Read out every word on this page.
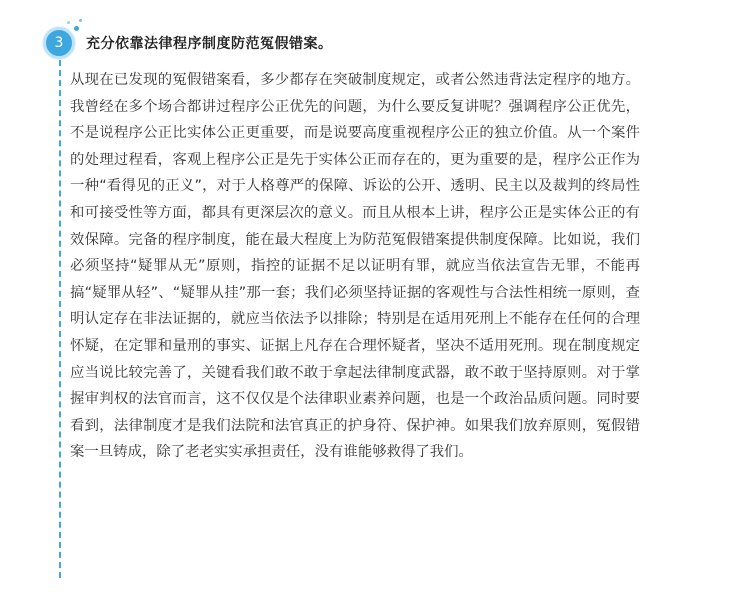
3	充分依靠法律程序制度防范冤假错案。

从现在已发现的冤假错案看，多少都存在突破制度规定，或者公然违背法定程序的地方。我曾经在多个场合都讲过程序公正优先的问题，为什么要反复讲呢？强调程序公正优先，不是说程序公正比实体公正更重要，而是说要高度重视程序公正的独立价值。从一个案件的处理过程看，客观上程序公正是先于实体公正而存在的，更为重要的是，程序公正作为一种“看得见的正义”，对于人格尊严的保障、诉讼的公开、透明、民主以及裁判的终局性和可接受性等方面，都具有更深层次的意义。而且从根本上讲，程序公正是实体公正的有效保障。完备的程序制度，能在最大程度上为防范冤假错案提供制度保障。比如说，我们必须坚持“疑罪从无”原则，指控的证据不足以证明有罪，就应当依法宣告无罪，不能再搞“疑罪从轻”、“疑罪从挂”那一套；我们必须坚持证据的客观性与合法性相统一原则，查明认定存在非法证据的，就应当依法予以排除；特别是在适用死刑上不能存在任何的合理怀疑，在定罪和量刑的事实、证据上凡存在合理怀疑者，坚决不适用死刑。现在制度规定应当说比较完善了，关键看我们敢不敢于拿起法律制度武器，敢不敢于坚持原则。对于掌握审判权的法官而言，这不仅仅是个法律职业素养问题，也是一个政治品质问题。同时要看到，法律制度才是我们法院和法官真正的护身符、保护神。如果我们放弃原则，冤假错案一旦铸成，除了老老实实承担责任，没有谁能够救得了我们。
